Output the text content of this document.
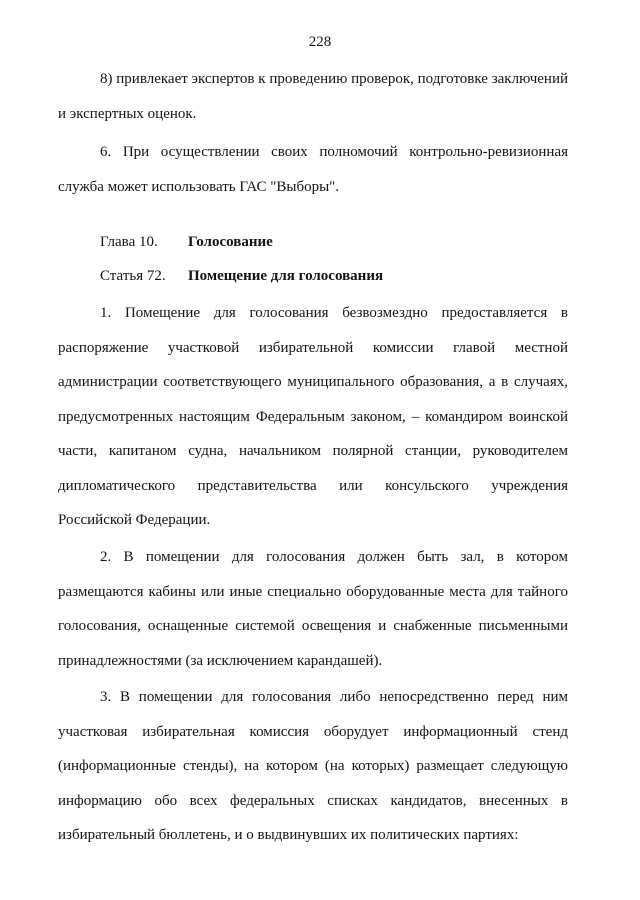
228

8) привлекает экспертов к проведению проверок, подготовке заключений и экспертных оценок.

6. При осуществлении своих полномочий контрольно-ревизионная служба может использовать ГАС "Выборы".

Глава 10. Голосование
Статья 72. Помещение для голосования

1. Помещение для голосования безвозмездно предоставляется в распоряжение участковой избирательной комиссии главой местной администрации соответствующего муниципального образования, а в случаях, предусмотренных настоящим Федеральным законом, – командиром воинской части, капитаном судна, начальником полярной станции, руководителем дипломатического представительства или консульского учреждения Российской Федерации.

2. В помещении для голосования должен быть зал, в котором размещаются кабины или иные специально оборудованные места для тайного голосования, оснащенные системой освещения и снабженные письменными принадлежностями (за исключением карандашей).

3. В помещении для голосования либо непосредственно перед ним участковая избирательная комиссия оборудует информационный стенд (информационные стенды), на котором (на которых) размещает следующую информацию обо всех федеральных списках кандидатов, внесенных в избирательный бюллетень, и о выдвинувших их политических партиях:
